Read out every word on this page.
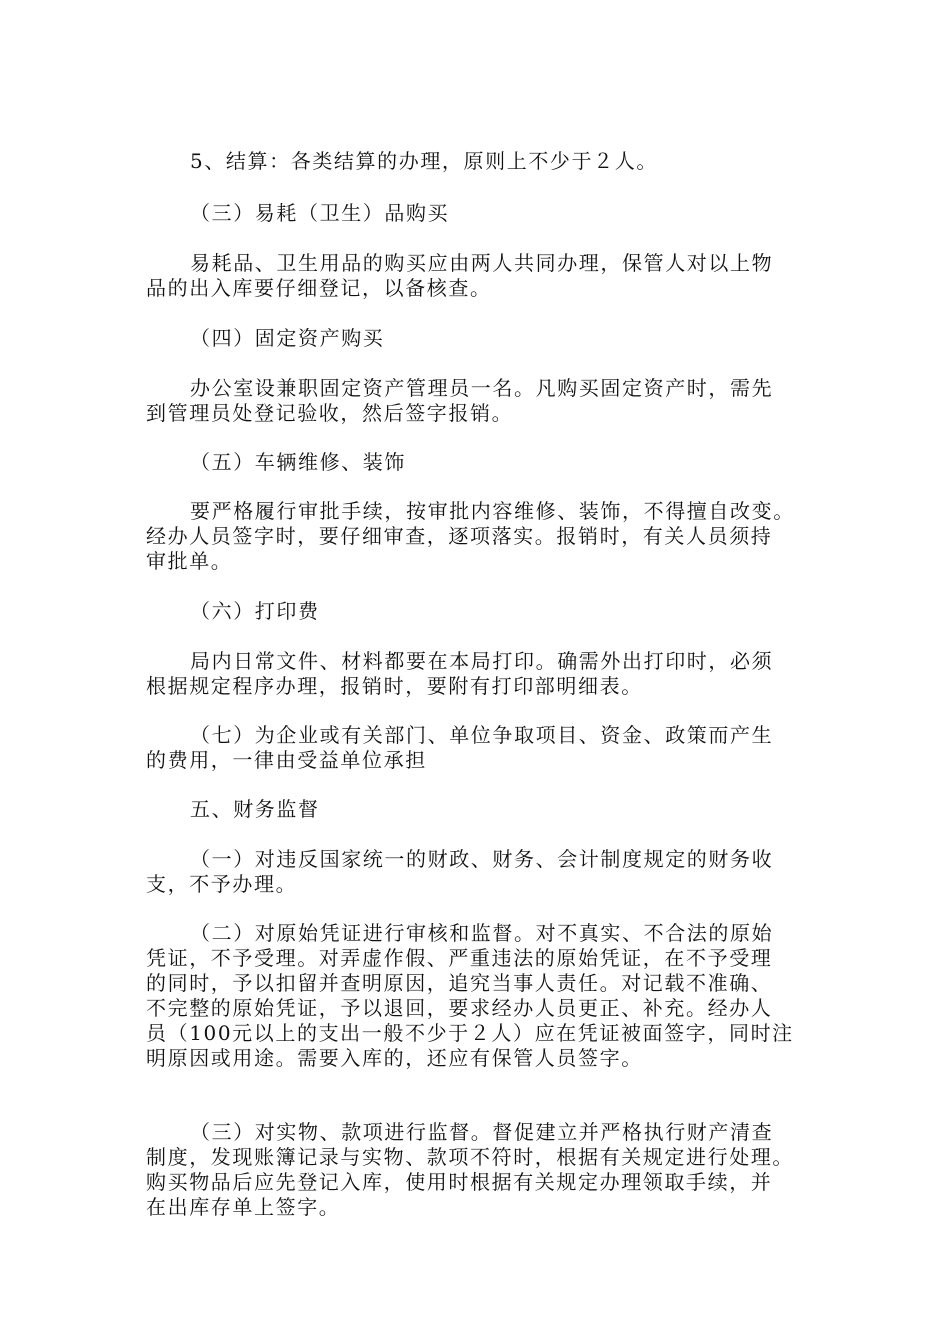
5、结算：各类结算的办理，原则上不少于２人。

（三）易耗（卫生）品购买

易耗品、卫生用品的购买应由两人共同办理，保管人对以上物
品的出入库要仔细登记，以备核查。

（四）固定资产购买

办公室设兼职固定资产管理员一名。凡购买固定资产时，需先
到管理员处登记验收，然后签字报销。

（五）车辆维修、装饰

要严格履行审批手续，按审批内容维修、装饰，不得擅自改变。
经办人员签字时，要仔细审查，逐项落实。报销时，有关人员须持
审批单。

（六）打印费

局内日常文件、材料都要在本局打印。确需外出打印时，必须
根据规定程序办理，报销时，要附有打印部明细表。

（七）为企业或有关部门、单位争取项目、资金、政策而产生
的费用，一律由受益单位承担

五、财务监督

（一）对违反国家统一的财政、财务、会计制度规定的财务收
支，不予办理。

（二）对原始凭证进行审核和监督。对不真实、不合法的原始
凭证，不予受理。对弄虚作假、严重违法的原始凭证，在不予受理
的同时，予以扣留并查明原因，追究当事人责任。对记载不准确、
不完整的原始凭证，予以退回，要求经办人员更正、补充。经办人
员（100元以上的支出一般不少于２人）应在凭证被面签字，同时注
明原因或用途。需要入库的，还应有保管人员签字。

（三）对实物、款项进行监督。督促建立并严格执行财产清查
制度，发现账簿记录与实物、款项不符时，根据有关规定进行处理。
购买物品后应先登记入库，使用时根据有关规定办理领取手续，并
在出库存单上签字。
